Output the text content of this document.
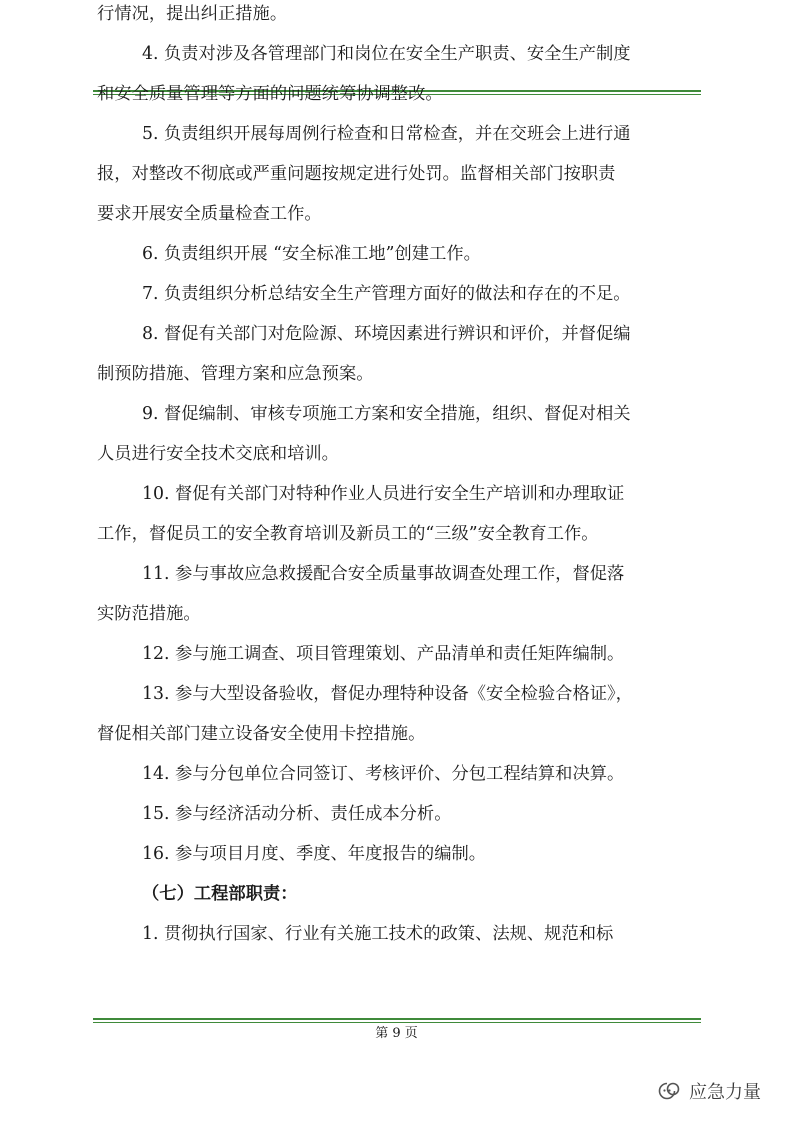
行情况，提出纠正措施。
4. 负责对涉及各管理部门和岗位在安全生产职责、安全生产制度
和安全质量管理等方面的问题统筹协调整改。
5. 负责组织开展每周例行检查和日常检查，并在交班会上进行通
报，对整改不彻底或严重问题按规定进行处罚。监督相关部门按职责
要求开展安全质量检查工作。
6. 负责组织开展 “安全标准工地”创建工作。
7. 负责组织分析总结安全生产管理方面好的做法和存在的不足。
8. 督促有关部门对危险源、环境因素进行辨识和评价，并督促编
制预防措施、管理方案和应急预案。
9. 督促编制、审核专项施工方案和安全措施，组织、督促对相关
人员进行安全技术交底和培训。
10. 督促有关部门对特种作业人员进行安全生产培训和办理取证
工作，督促员工的安全教育培训及新员工的“三级”安全教育工作。
11. 参与事故应急救援配合安全质量事故调查处理工作，督促落
实防范措施。
12. 参与施工调查、项目管理策划、产品清单和责任矩阵编制。
13. 参与大型设备验收，督促办理特种设备《安全检验合格证》，
督促相关部门建立设备安全使用卡控措施。
14. 参与分包单位合同签订、考核评价、分包工程结算和决算。
15. 参与经济活动分析、责任成本分析。
16. 参与项目月度、季度、年度报告的编制。
（七）工程部职责：
1. 贯彻执行国家、行业有关施工技术的政策、法规、规范和标
第 9 页
应急力量
